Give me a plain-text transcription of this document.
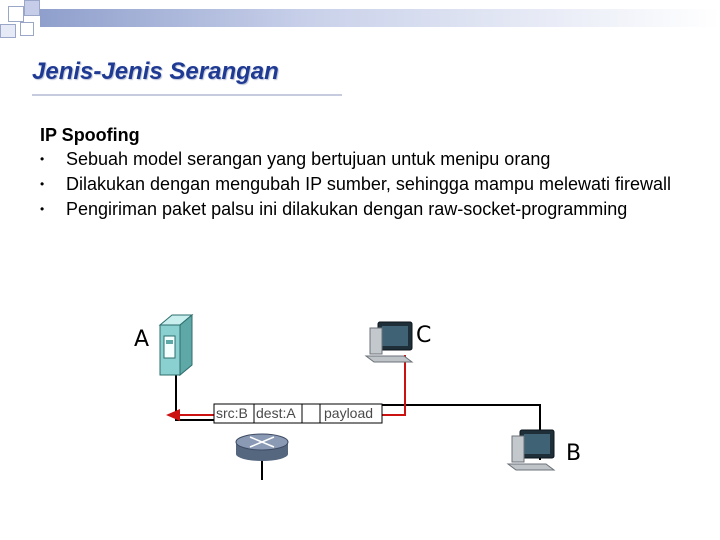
Jenis-Jenis Serangan
IP Spoofing
• Sebuah model serangan yang bertujuan untuk menipu orang
• Dilakukan dengan mengubah IP sumber, sehingga mampu melewati firewall
• Pengiriman paket palsu ini dilakukan dengan raw-socket-programming
src:B dest:A payload
A	C
B
